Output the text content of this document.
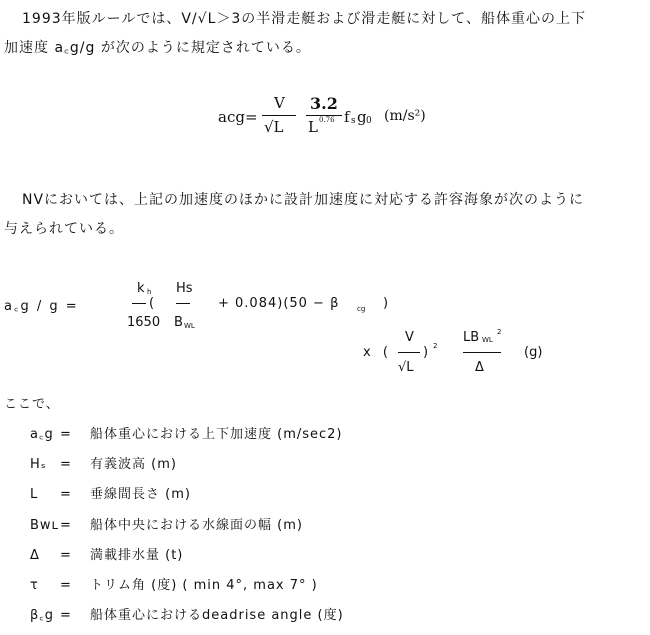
1993年版ルールでは、V/√L＞3の半滑走艇および滑走艇に対して、船体重心の上下
加速度 a꜀g/g が次のように規定されている。
acg=
V
√L
3.2
L 0.76 f s g 0 (m/s²)
NVにおいては、上記の加速度のほかに設計加速度に対応する許容海象が次のように
与えられている。
a꜀g / g =
k h
1650
(
Hs
B WL
+ 0.084)(50 − β	cg )
x (
V
√L
) 2
LB WL
2
Δ
(g)
ここで、
a꜀g = 船体重心における上下加速度 (m/sec2)
Hₛ = 有義波高 (m)
L = 垂線間長さ (m)
Bᴡʟ= 船体中央における水線面の幅 (m)
Δ = 満載排水量 (t)
τ = トリム角 (度) ( min 4°, max 7° )
β꜀g = 船体重心におけるdeadrise angle (度)
